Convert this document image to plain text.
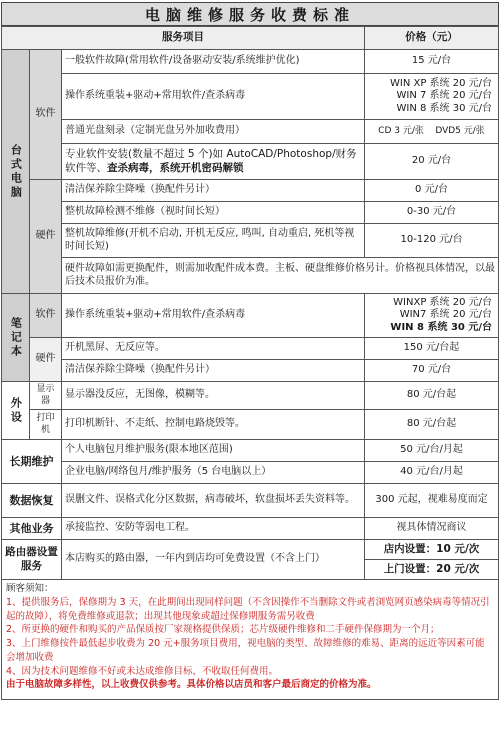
电脑维修服务收费标准
服务项目			价格（元）

台式电脑	软件	一般软件故障(常用软件/设备驱动安装/系统维护优化)	15 元/台
		操作系统重装+驱动+常用软件/查杀病毒	WIN XP 系统 20 元/台
WIN 7 系统 20 元/台
WIN 8 系统 30 元/台

		普通光盘刻录（定制光盘另外加收费用）	CD 3 元/张 DVD5 元/张
		专业软件安装(数量不超过 5 个)如 AutoCAD/Photoshop/财务软件等、查杀病毒，系统开机密码解锁	20 元/台
	硬件	清洁保养除尘降噪（换配件另计）	0 元/台
		整机故障检测不维修（视时间长短）	0-30 元/台
		整机故障维修(开机不启动, 开机无反应, 鸣叫, 自动重启, 死机等视时间长短)	10-120 元/台
		硬件故障如需更换配件，则需加收配件成本费。主板、硬盘维修价格另计。价格视具体情况，以最后技术员报价为准。	

笔记本	软件	操作系统重装+驱动+常用软件/查杀病毒	WINXP 系统 20 元/台
WIN7 系统 20 元/台
WIN 8 系统 30 元/台

	硬件	开机黑屏、无反应等。	150 元/台起
		清洁保养除尘降噪（换配件另计）	70 元/台

外设	显示器	显示器没反应，无图像，模糊等。	80 元/台起
	打印机	打印机断针、不走纸、控制电路烧毁等。	80 元/台起
长期维护		个人电脑包月维护服务(限本地区范围)	50 元/台/月起
		企业电脑/网络包月/维护服务（5 台电脑以上）	40 元/台/月起
数据恢复		误删文件、误格式化分区数据，病毒破坏，软盘损坏丢失资料等。	300 元起，视难易度而定
其他业务		承接监控、安防等弱电工程。	视具体情况商议
路由器设置服务		本店购买的路由器，一年内到店均可免费设置（不含上门）	店内设置：10 元/次
			上门设置：20 元/次
顾客须知：
1、提供服务后，保修期为 3 天，在此期间出现同样问题（不含因操作不当删除文件或者浏览网页感染病毒等情况引起的故障），将免费维修或退款；出现其他现象或超过保修期服务需另收费
2、所更换的硬件和购买的产品保质按厂家规格提供保质；芯片级硬件维修和二手硬件保修期为一个月；
3、上门维修按件最低起步收费为 20 元+服务项目费用，视电脑的类型、故障维修的难易、距离的远近等因素可能会增加收费
4、因为技术问题维修不好或未达成维修目标，不收取任何费用。
由于电脑故障多样性，以上收费仅供参考。具体价格以店员和客户最后商定的价格为准。
